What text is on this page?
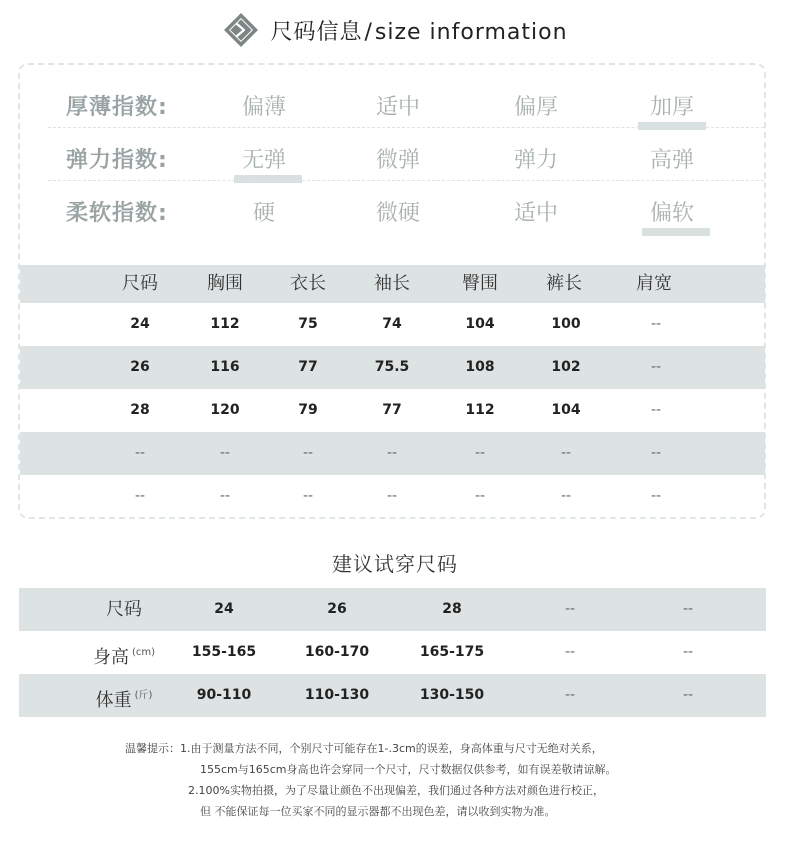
尺码信息/size information
厚薄指数:	偏薄	适中	偏厚	加厚
弹力指数:	无弹	微弹	弹力	高弹
柔软指数:	硬	微硬	适中	偏软
尺码	胸围	衣长	袖长	臀围	裤长	肩宽
24	112	75	74	104	100	--
26	116	77	75.5	108	102	--
28	120	79	77	112	104	--
--	--	--	--	--	--	--
--	--	--	--	--	--	--
建议试穿尺码
尺码	24	26	28	--	--
身高 $^{(cm)}$	155-165	160-170	165-175	--	--
体重 $^{(斤)}$	90-110	110-130	130-150	--	--
温馨提示：1.由于测量方法不同，个别尺寸可能存在1-.3cm的误差，身高体重与尺寸无绝对关系，
155cm与165cm身高也许会穿同一个尺寸，尺寸数据仅供参考，如有误差敬请谅解。
2.100%实物拍摄，为了尽量让颜色不出现偏差，我们通过各种方法对颜色进行校正，
但 不能保证每一位买家不同的显示器都不出现色差，请以收到实物为准。
